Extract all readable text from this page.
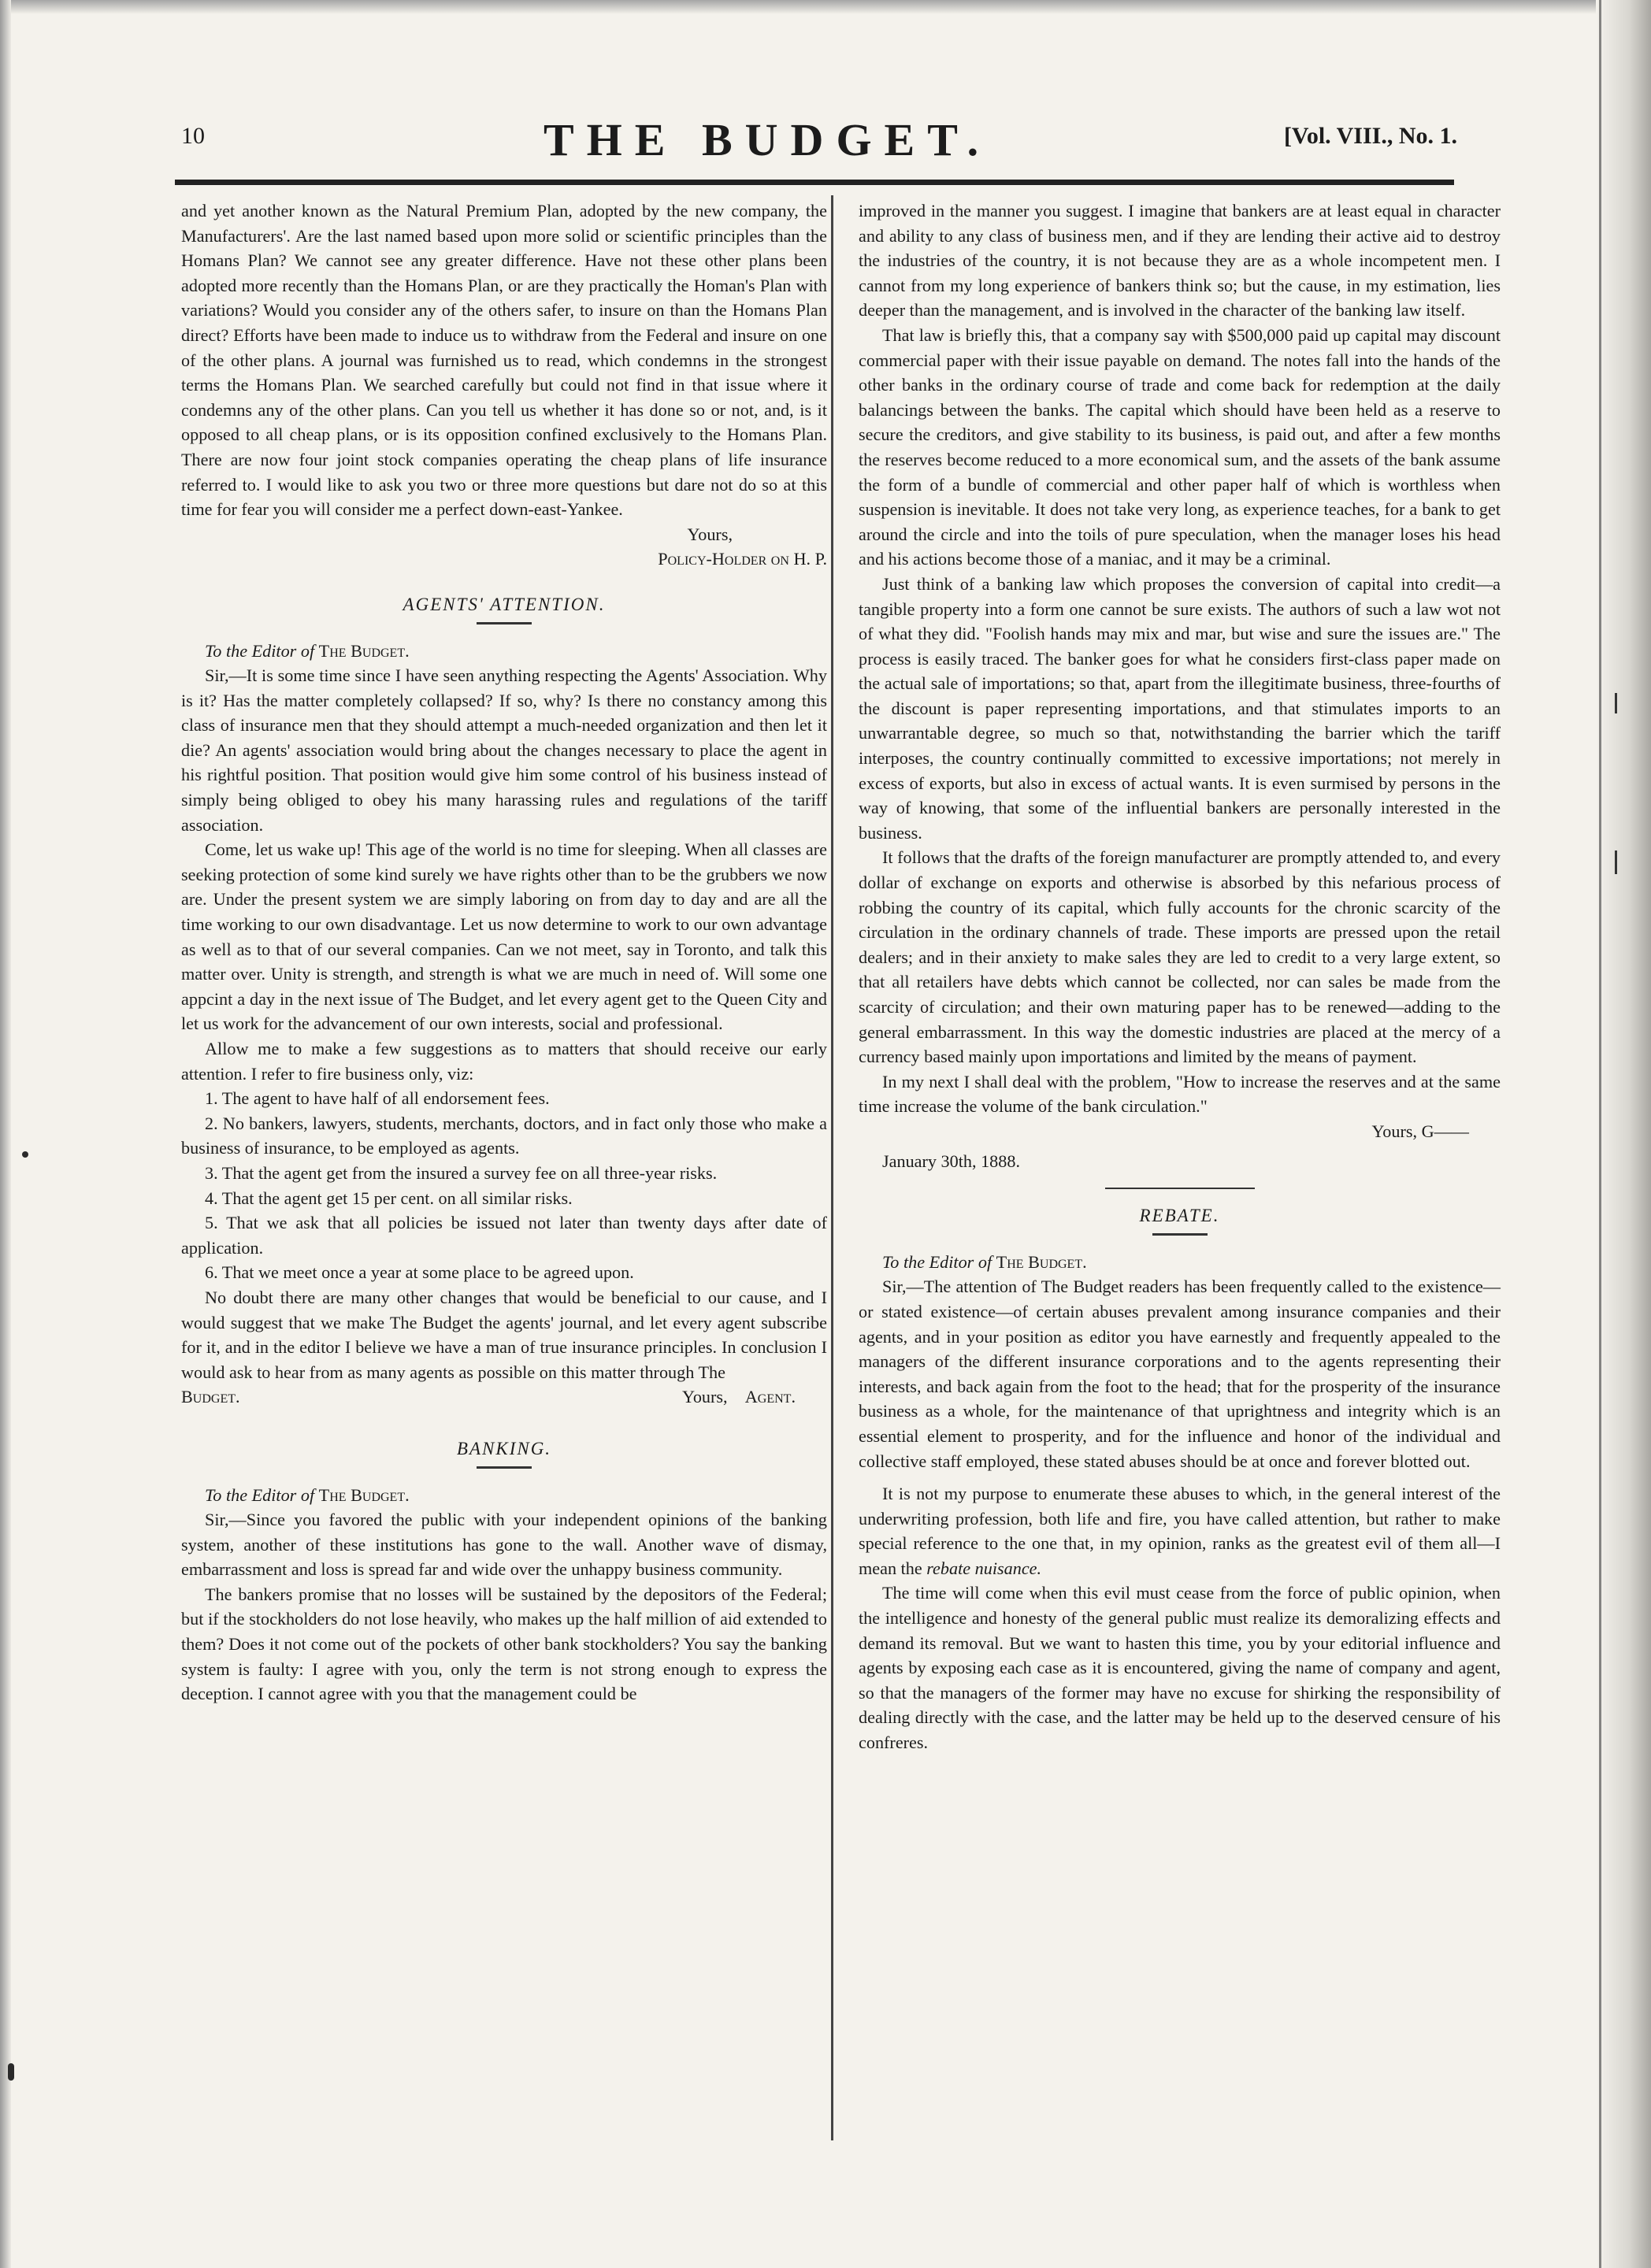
10	THE BUDGET.	[Vol. VIII., No. 1.

and yet another known as the Natural Premium Plan, adopted by the new company, the Manufacturers'. Are the last named based upon more solid or scientific principles than the Homans Plan? We cannot see any greater difference. Have not these other plans been adopted more recently than the Homans Plan, or are they practically the Homan's Plan with variations? Would you consider any of the others safer, to insure on than the Homans Plan direct? Efforts have been made to induce us to withdraw from the Federal and insure on one of the other plans. A journal was furnished us to read, which condemns in the strongest terms the Homans Plan. We searched carefully but could not find in that issue where it condemns any of the other plans. Can you tell us whether it has done so or not, and, is it opposed to all cheap plans, or is its opposition confined exclusively to the Homans Plan. There are now four joint stock companies operating the cheap plans of life insurance referred to. I would like to ask you two or three more questions but dare not do so at this time for fear you will consider me a perfect down-east-Yankee.

Yours,

Policy-Holder on H. P.

AGENTS' ATTENTION.

To the Editor of The Budget.

Sir,—It is some time since I have seen anything respecting the Agents' Association. Why is it? Has the matter completely collapsed? If so, why? Is there no constancy among this class of insurance men that they should attempt a much-needed organization and then let it die? An agents' association would bring about the changes necessary to place the agent in his rightful position. That position would give him some control of his business instead of simply being obliged to obey his many harassing rules and regulations of the tariff association.

Come, let us wake up! This age of the world is no time for sleeping. When all classes are seeking protection of some kind surely we have rights other than to be the grubbers we now are. Under the present system we are simply laboring on from day to day and are all the time working to our own disadvantage. Let us now determine to work to our own advantage as well as to that of our several companies. Can we not meet, say in Toronto, and talk this matter over. Unity is strength, and strength is what we are much in need of. Will some one appcint a day in the next issue of The Budget, and let every agent get to the Queen City and let us work for the advancement of our own interests, social and professional.

Allow me to make a few suggestions as to matters that should receive our early attention. I refer to fire business only, viz:

1. The agent to have half of all endorsement fees.

2. No bankers, lawyers, students, merchants, doctors, and in fact only those who make a business of insurance, to be employed as agents.

3. That the agent get from the insured a survey fee on all three-year risks.

4. That the agent get 15 per cent. on all similar risks.

5. That we ask that all policies be issued not later than twenty days after date of application.

6. That we meet once a year at some place to be agreed upon.

No doubt there are many other changes that would be beneficial to our cause, and I would suggest that we make The Budget the agents' journal, and let every agent subscribe for it, and in the editor I believe we have a man of true insurance principles. In conclusion I would ask to hear from as many agents as possible on this matter through The

Budget.	Yours, Agent.
BANKING.

To the Editor of The Budget.

Sir,—Since you favored the public with your independent opinions of the banking system, another of these institutions has gone to the wall. Another wave of dismay, embarrassment and loss is spread far and wide over the unhappy business community.

The bankers promise that no losses will be sustained by the depositors of the Federal; but if the stockholders do not lose heavily, who makes up the half million of aid extended to them? Does it not come out of the pockets of other bank stockholders? You say the banking system is faulty: I agree with you, only the term is not strong enough to express the deception. I cannot agree with you that the management could be

improved in the manner you suggest. I imagine that bankers are at least equal in character and ability to any class of business men, and if they are lending their active aid to destroy the industries of the country, it is not because they are as a whole incompetent men. I cannot from my long experience of bankers think so; but the cause, in my estimation, lies deeper than the management, and is involved in the character of the banking law itself.

That law is briefly this, that a company say with $500,000 paid up capital may discount commercial paper with their issue payable on demand. The notes fall into the hands of the other banks in the ordinary course of trade and come back for redemption at the daily balancings between the banks. The capital which should have been held as a reserve to secure the creditors, and give stability to its business, is paid out, and after a few months the reserves become reduced to a more economical sum, and the assets of the bank assume the form of a bundle of commercial and other paper half of which is worthless when suspension is inevitable. It does not take very long, as experience teaches, for a bank to get around the circle and into the toils of pure speculation, when the manager loses his head and his actions become those of a maniac, and it may be a criminal.

Just think of a banking law which proposes the conversion of capital into credit—a tangible property into a form one cannot be sure exists. The authors of such a law wot not of what they did. "Foolish hands may mix and mar, but wise and sure the issues are." The process is easily traced. The banker goes for what he considers first-class paper made on the actual sale of importations; so that, apart from the illegitimate business, three-fourths of the discount is paper representing importations, and that stimulates imports to an unwarrantable degree, so much so that, notwithstanding the barrier which the tariff interposes, the country continually committed to excessive importations; not merely in excess of exports, but also in excess of actual wants. It is even surmised by persons in the way of knowing, that some of the influential bankers are personally interested in the business.

It follows that the drafts of the foreign manufacturer are promptly attended to, and every dollar of exchange on exports and otherwise is absorbed by this nefarious process of robbing the country of its capital, which fully accounts for the chronic scarcity of the circulation in the ordinary channels of trade. These imports are pressed upon the retail dealers; and in their anxiety to make sales they are led to credit to a very large extent, so that all retailers have debts which cannot be collected, nor can sales be made from the scarcity of circulation; and their own maturing paper has to be renewed—adding to the general embarrassment. In this way the domestic industries are placed at the mercy of a currency based mainly upon importations and limited by the means of payment.

In my next I shall deal with the problem, "How to increase the reserves and at the same time increase the volume of the bank circulation."

Yours, G——

January 30th, 1888.
REBATE.

To the Editor of The Budget.

Sir,—The attention of The Budget readers has been frequently called to the existence—or stated existence—of certain abuses prevalent among insurance companies and their agents, and in your position as editor you have earnestly and frequently appealed to the managers of the different insurance corporations and to the agents representing their interests, and back again from the foot to the head; that for the prosperity of the insurance business as a whole, for the maintenance of that uprightness and integrity which is an essential element to prosperity, and for the influence and honor of the individual and collective staff employed, these stated abuses should be at once and forever blotted out.

It is not my purpose to enumerate these abuses to which, in the general interest of the underwriting profession, both life and fire, you have called attention, but rather to make special reference to the one that, in my opinion, ranks as the greatest evil of them all—I mean the rebate nuisance.

The time will come when this evil must cease from the force of public opinion, when the intelligence and honesty of the general public must realize its demoralizing effects and demand its removal. But we want to hasten this time, you by your editorial influence and agents by exposing each case as it is encountered, giving the name of company and agent, so that the managers of the former may have no excuse for shirking the responsibility of dealing directly with the case, and the latter may be held up to the deserved censure of his confreres.
